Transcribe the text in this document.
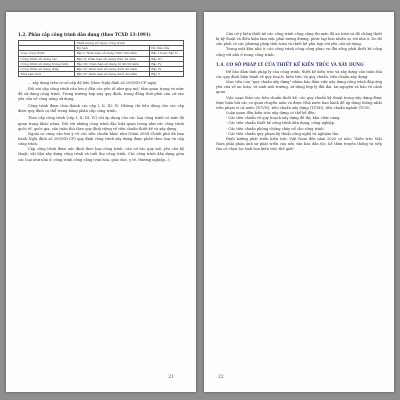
1.2. Phân cấp công trình dân dụng (theo TCXD 13-1991)

	Chất lượng sử dụng công trình	
	Độ bền	Độ chịu lửa
Loại công trình	Bậc I: Niên hạn sử dụng trên 100 năm	Bậc I hoặc bậc II
Công trình sử dụng cao	Bậc II: Niên hạn sử dụng trên 50 năm	Bậc III
Công trình sử dụng trung bình	Bậc III: Niên hạn sử dụng từ 20-50 năm	Bậc IV
Công trình sử dụng thấp	Bậc IV: Niên hạn sử dụng dưới 20 năm	Bậc IV
Nhà tạm thời	Bậc IV: Niên hạn sử dụng dưới 20 năm	Bậc V

... xây dựng trên cơ sở cấp độ bền (theo Nghị định số 209/ND-CP ngày

Đối với cấp công trình cần lưu ý đến các yếu tố như quy mô, tầm quan trọng và mức độ sử dụng công trình. Trong trường hợp này quy định, trong đồng thời phải căn cứ vào yêu cầu về công năng sử dụng.

Công trình được chia thành các cấp I, II, III, IV. Những chỉ tiêu dùng cho các cấp được quy định cụ thể trong bảng phân cấp công trình.

Theo cấp công trình (cấp I, II, III, IV) chỉ áp dụng cho các loại công trình có mức độ quan trọng khác nhau. Đối với những công trình đặc biệt quan trọng như các công trình quốc tế, quốc gia, cần tuân thủ theo quy định riêng về tiêu chuẩn thiết kế và xây dựng.

Ngoài ra cũng cần lưu ý về các tiêu chuẩn khác như (Năm 2004 Chính phủ đã ban hành Nghị định số 209/ND-CP) quy định công trình xây dựng được phân theo loại và cấp công trình.

Cấp công trình được xác định theo loại công trình, căn cứ vào quy mô, yêu cầu kỹ thuật, vật liệu xây dựng công trình và tuổi thọ công trình. Các công trình dân dụng gồm các loại như nhà ở, công trình công cộng (văn hóa, giáo dục, y tế, thương nghiệp...).

21

Căn cứ ý kiến thiết kế các công trình công cộng thì mức độ an toàn và độ chống thiết bị kỹ thuật và điều kiện làm việc phải tương đương, phức tạp hơn nhiều so với nhà ở. Do đó cần phải có các phương pháp tính toán và thiết kế phù hợp với yêu cầu sử dụng.

Trong một khu nhà ở, các công trình công cộng phục vụ đời sống phải thiết kế công cộng với nhà ở trong công trình.

1.4. CƠ SỞ PHÁP LÝ CỦA THIẾT KẾ KIẾN TRÚC VÀ XÂY DỰNG

Để bảo đảm tính pháp lý của công trình, thiết kế kiến trúc và xây dựng cần tuân thủ các quy định hiện hành về quy hoạch, kiến trúc và quy chuẩn, tiêu chuẩn xây dựng.

Mục tiêu của "quy chuẩn xây dựng" nhằm bảo đảm việc xây dựng công trình đáp ứng yêu cầu về an toàn, vệ sinh môi trường, sử dụng hợp lý đất đai, tài nguyên và bảo vệ cảnh quan.

Việc soạn thảo các tiêu chuẩn thiết kế, các quy chuẩn kỹ thuật trong xây dựng được thực hiện bởi các cơ quan chuyên môn và được Nhà nước ban hành để áp dụng thống nhất trên phạm vi cả nước (TCVN), tiêu chuẩn xây dựng (TCXD), tiêu chuẩn ngành (TCN).

Luận quan đến kiến trúc xây dựng có thể kể đến:

- Các tiêu chuẩn về quy hoạch xây dựng đô thị, khu chức năng.

- Các tiêu chuẩn thiết kế công trình dân dụng, công nghiệp.

- Các tiêu chuẩn phòng chống cháy nổ cho công trình.

- Các tiêu chuẩn quy phạm kỹ thuật công nghệ và nghiệm thu.

Định hướng phát triển kiến trúc Việt Nam đến năm 2020 có nêu: "Kiến trúc Việt Nam phải phản ánh sự phát triển của nền văn hóa dân tộc, kế thừa truyền thống và tiếp thu có chọn lọc tinh hoa kiến trúc thế giới".

22
